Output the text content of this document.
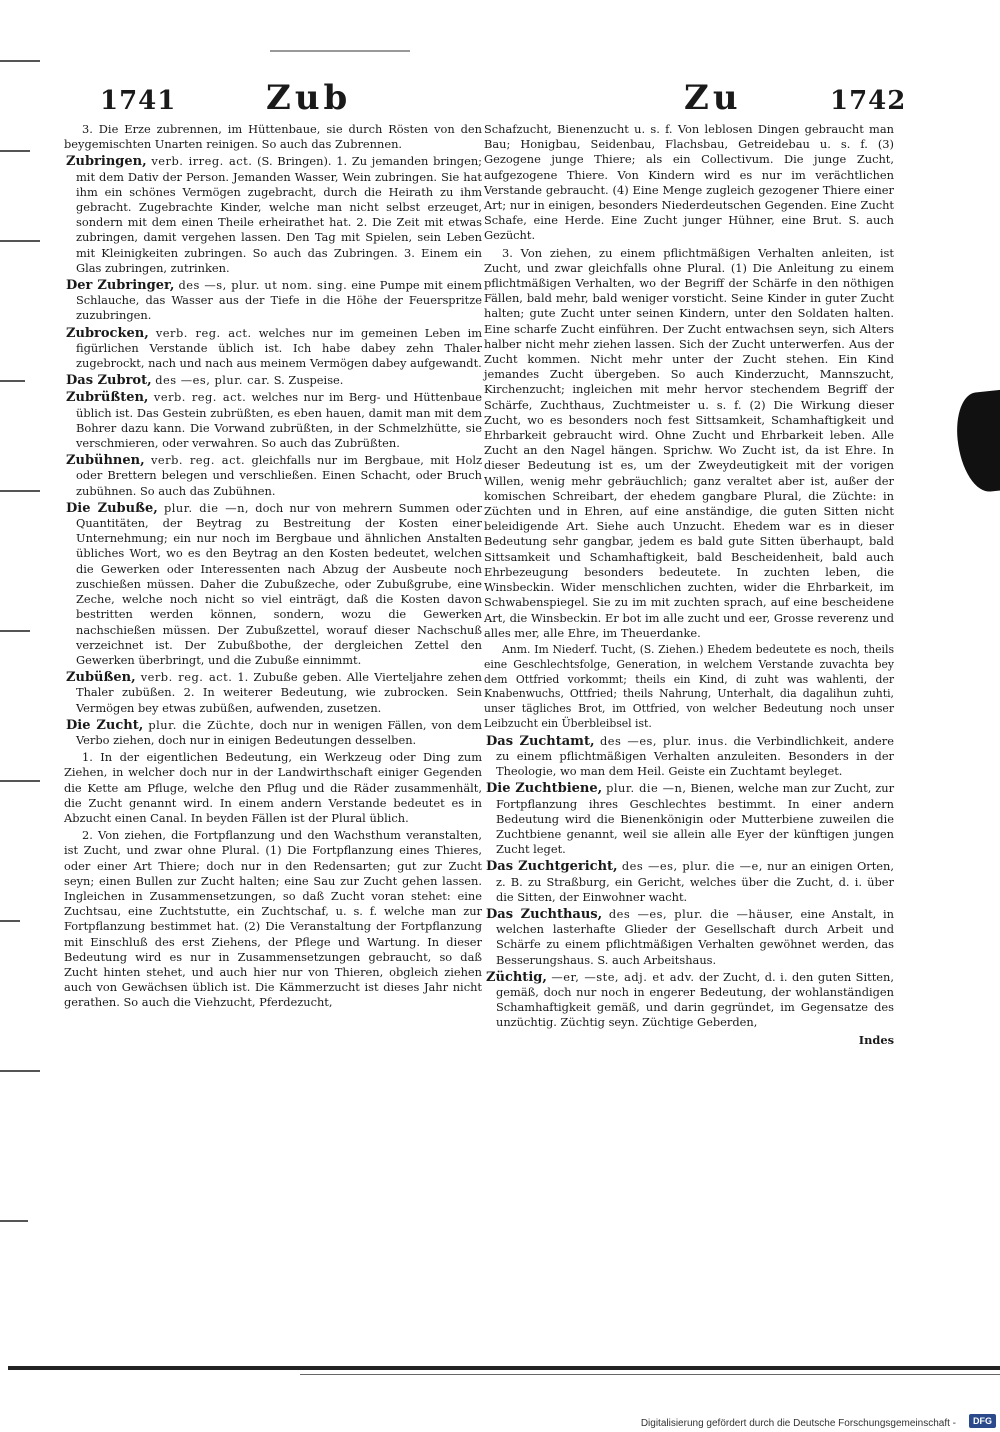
1741	Zub	Zu	1742

3. Die Erze zubrennen, im Hüttenbaue, sie durch Rösten von den beygemischten Unarten reinigen. So auch das Zubrennen.

Zubringen, verb. irreg. act. (S. Bringen). 1. Zu jemanden bringen; mit dem Dativ der Person. Jemanden Wasser, Wein zubringen. Sie hat ihm ein schönes Vermögen zugebracht, durch die Heirath zu ihm gebracht. Zugebrachte Kinder, welche man nicht selbst erzeuget, sondern mit dem einen Theile erheirathet hat. 2. Die Zeit mit etwas zubringen, damit vergehen lassen. Den Tag mit Spielen, sein Leben mit Kleinigkeiten zubringen. So auch das Zubringen. 3. Einem ein Glas zubringen, zutrinken.

Der Zubringer, des —s, plur. ut nom. sing. eine Pumpe mit einem Schlauche, das Wasser aus der Tiefe in die Höhe der Feuerspritze zuzubringen.

Zubrocken, verb. reg. act. welches nur im gemeinen Leben im figürlichen Verstande üblich ist. Ich habe dabey zehn Thaler zugebrockt, nach und nach aus meinem Vermögen dabey aufgewandt.

Das Zubrot, des —es, plur. car. S. Zuspeise.

Zubrüßten, verb. reg. act. welches nur im Berg- und Hüttenbaue üblich ist. Das Gestein zubrüßten, es eben hauen, damit man mit dem Bohrer dazu kann. Die Vorwand zubrüßten, in der Schmelzhütte, sie verschmieren, oder verwahren. So auch das Zubrüßten.

Zubühnen, verb. reg. act. gleichfalls nur im Bergbaue, mit Holz oder Brettern belegen und verschließen. Einen Schacht, oder Bruch zubühnen. So auch das Zubühnen.

Die Zubuße, plur. die —n, doch nur von mehrern Summen oder Quantitäten, der Beytrag zu Bestreitung der Kosten einer Unternehmung; ein nur noch im Bergbaue und ähnlichen Anstalten übliches Wort, wo es den Beytrag an den Kosten bedeutet, welchen die Gewerken oder Interessenten nach Abzug der Ausbeute noch zuschießen müssen. Daher die Zubußzeche, oder Zubußgrube, eine Zeche, welche noch nicht so viel einträgt, daß die Kosten davon bestritten werden können, sondern, wozu die Gewerken nachschießen müssen. Der Zubußzettel, worauf dieser Nachschuß verzeichnet ist. Der Zubußbothe, der dergleichen Zettel den Gewerken überbringt, und die Zubuße einnimmt.

Zubüßen, verb. reg. act. 1. Zubuße geben. Alle Vierteljahre zehen Thaler zubüßen. 2. In weiterer Bedeutung, wie zubrocken. Sein Vermögen bey etwas zubüßen, aufwenden, zusetzen.

Die Zucht, plur. die Züchte, doch nur in wenigen Fällen, von dem Verbo ziehen, doch nur in einigen Bedeutungen desselben.

1. In der eigentlichen Bedeutung, ein Werkzeug oder Ding zum Ziehen, in welcher doch nur in der Landwirthschaft einiger Gegenden die Kette am Pfluge, welche den Pflug und die Räder zusammenhält, die Zucht genannt wird. In einem andern Verstande bedeutet es in Abzucht einen Canal. In beyden Fällen ist der Plural üblich.

2. Von ziehen, die Fortpflanzung und den Wachsthum veranstalten, ist Zucht, und zwar ohne Plural. (1) Die Fortpflanzung eines Thieres, oder einer Art Thiere; doch nur in den Redensarten; gut zur Zucht seyn; einen Bullen zur Zucht halten; eine Sau zur Zucht gehen lassen. Ingleichen in Zusammensetzungen, so daß Zucht voran stehet: eine Zuchtsau, eine Zuchtstutte, ein Zuchtschaf, u. s. f. welche man zur Fortpflanzung bestimmet hat. (2) Die Veranstaltung der Fortpflanzung mit Einschluß des erst Ziehens, der Pflege und Wartung. In dieser Bedeutung wird es nur in Zusammensetzungen gebraucht, so daß Zucht hinten stehet, und auch hier nur von Thieren, obgleich ziehen auch von Gewächsen üblich ist. Die Kämmerzucht ist dieses Jahr nicht gerathen. So auch die Viehzucht, Pferdezucht,

Schafzucht, Bienenzucht u. s. f. Von leblosen Dingen gebraucht man Bau; Honigbau, Seidenbau, Flachsbau, Getreidebau u. s. f. (3) Gezogene junge Thiere; als ein Collectivum. Die junge Zucht, aufgezogene Thiere. Von Kindern wird es nur im verächtlichen Verstande gebraucht. (4) Eine Menge zugleich gezogener Thiere einer Art; nur in einigen, besonders Niederdeutschen Gegenden. Eine Zucht Schafe, eine Herde. Eine Zucht junger Hühner, eine Brut. S. auch Gezücht.

3. Von ziehen, zu einem pflichtmäßigen Verhalten anleiten, ist Zucht, und zwar gleichfalls ohne Plural. (1) Die Anleitung zu einem pflichtmäßigen Verhalten, wo der Begriff der Schärfe in den nöthigen Fällen, bald mehr, bald weniger vorsticht. Seine Kinder in guter Zucht halten; gute Zucht unter seinen Kindern, unter den Soldaten halten. Eine scharfe Zucht einführen. Der Zucht entwachsen seyn, sich Alters halber nicht mehr ziehen lassen. Sich der Zucht unterwerfen. Aus der Zucht kommen. Nicht mehr unter der Zucht stehen. Ein Kind jemandes Zucht übergeben. So auch Kinderzucht, Mannszucht, Kirchenzucht; ingleichen mit mehr hervor stechendem Begriff der Schärfe, Zuchthaus, Zuchtmeister u. s. f. (2) Die Wirkung dieser Zucht, wo es besonders noch fest Sittsamkeit, Schamhaftigkeit und Ehrbarkeit gebraucht wird. Ohne Zucht und Ehrbarkeit leben. Alle Zucht an den Nagel hängen. Sprichw. Wo Zucht ist, da ist Ehre. In dieser Bedeutung ist es, um der Zweydeutigkeit mit der vorigen Willen, wenig mehr gebräuchlich; ganz veraltet aber ist, außer der komischen Schreibart, der ehedem gangbare Plural, die Züchte: in Züchten und in Ehren, auf eine anständige, die guten Sitten nicht beleidigende Art. Siehe auch Unzucht. Ehedem war es in dieser Bedeutung sehr gangbar, jedem es bald gute Sitten überhaupt, bald Sittsamkeit und Schamhaftigkeit, bald Bescheidenheit, bald auch Ehrbezeugung besonders bedeutete. In zuchten leben, die Winsbeckin. Wider menschlichen zuchten, wider die Ehrbarkeit, im Schwabenspiegel. Sie zu im mit zuchten sprach, auf eine bescheidene Art, die Winsbeckin. Er bot im alle zucht und eer, Grosse reverenz und alles mer, alle Ehre, im Theuerdanke.

Anm. Im Niederf. Tucht, (S. Ziehen.) Ehedem bedeutete es noch, theils eine Geschlechtsfolge, Generation, in welchem Verstande zuvachta bey dem Ottfried vorkommt; theils ein Kind, di zuht was wahlenti, der Knabenwuchs, Ottfried; theils Nahrung, Unterhalt, dia dagalihun zuhti, unser tägliches Brot, im Ottfried, von welcher Bedeutung noch unser Leibzucht ein Überbleibsel ist.

Das Zuchtamt, des —es, plur. inus. die Verbindlichkeit, andere zu einem pflichtmäßigen Verhalten anzuleiten. Besonders in der Theologie, wo man dem Heil. Geiste ein Zuchtamt beyleget.

Die Zuchtbiene, plur. die —n, Bienen, welche man zur Zucht, zur Fortpflanzung ihres Geschlechtes bestimmt. In einer andern Bedeutung wird die Bienenkönigin oder Mutterbiene zuweilen die Zuchtbiene genannt, weil sie allein alle Eyer der künftigen jungen Zucht leget.

Das Zuchtgericht, des —es, plur. die —e, nur an einigen Orten, z. B. zu Straßburg, ein Gericht, welches über die Zucht, d. i. über die Sitten, der Einwohner wacht.

Das Zuchthaus, des —es, plur. die —häuser, eine Anstalt, in welchen lasterhafte Glieder der Gesellschaft durch Arbeit und Schärfe zu einem pflichtmäßigen Verhalten gewöhnet werden, das Besserungshaus. S. auch Arbeitshaus.

Züchtig, —er, —ste, adj. et adv. der Zucht, d. i. den guten Sitten, gemäß, doch nur noch in engerer Bedeutung, der wohlanständigen Schamhaftigkeit gemäß, und darin gegründet, im Gegensatze des unzüchtig. Züchtig seyn. Züchtige Geberden,

Indes

Digitalisierung gefördert durch die Deutsche Forschungsgemeinschaft -	DFG
